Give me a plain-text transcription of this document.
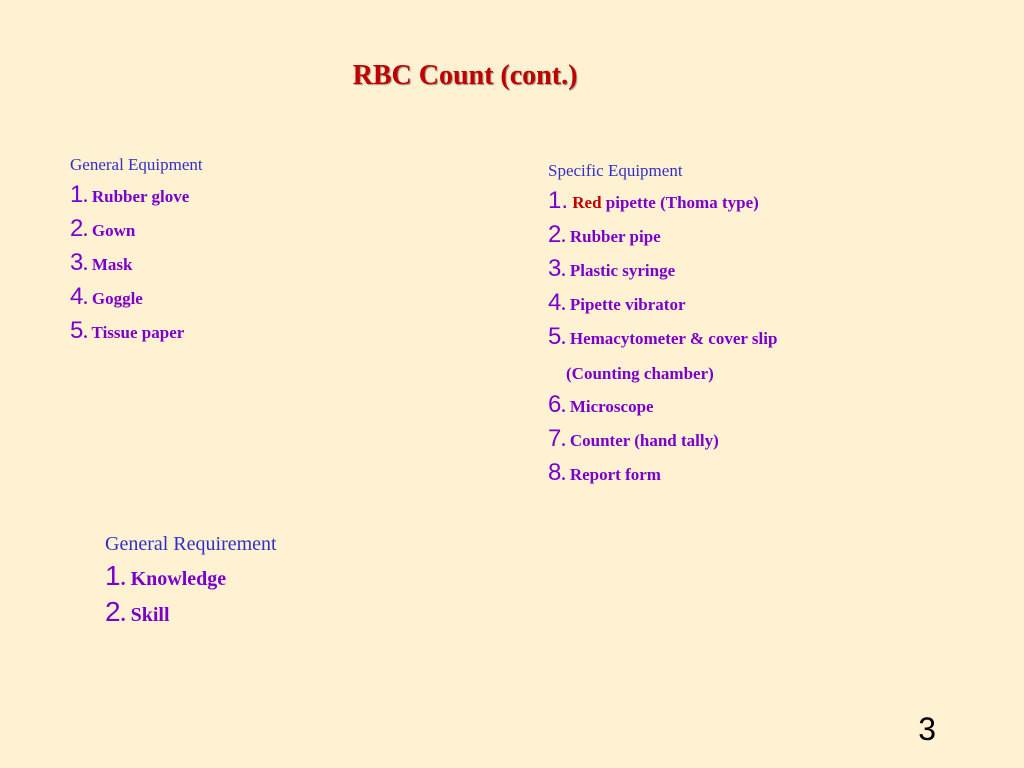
RBC Count (cont.)
General Equipment
1. Rubber glove
2. Gown
3. Mask
4. Goggle
5. Tissue paper
Specific Equipment
1. Red pipette (Thoma type)
2. Rubber pipe
3. Plastic syringe
4. Pipette vibrator
5. Hemacytometer & cover slip
(Counting chamber)
6. Microscope
7. Counter (hand tally)
8. Report form
General Requirement
1. Knowledge
2. Skill
3
